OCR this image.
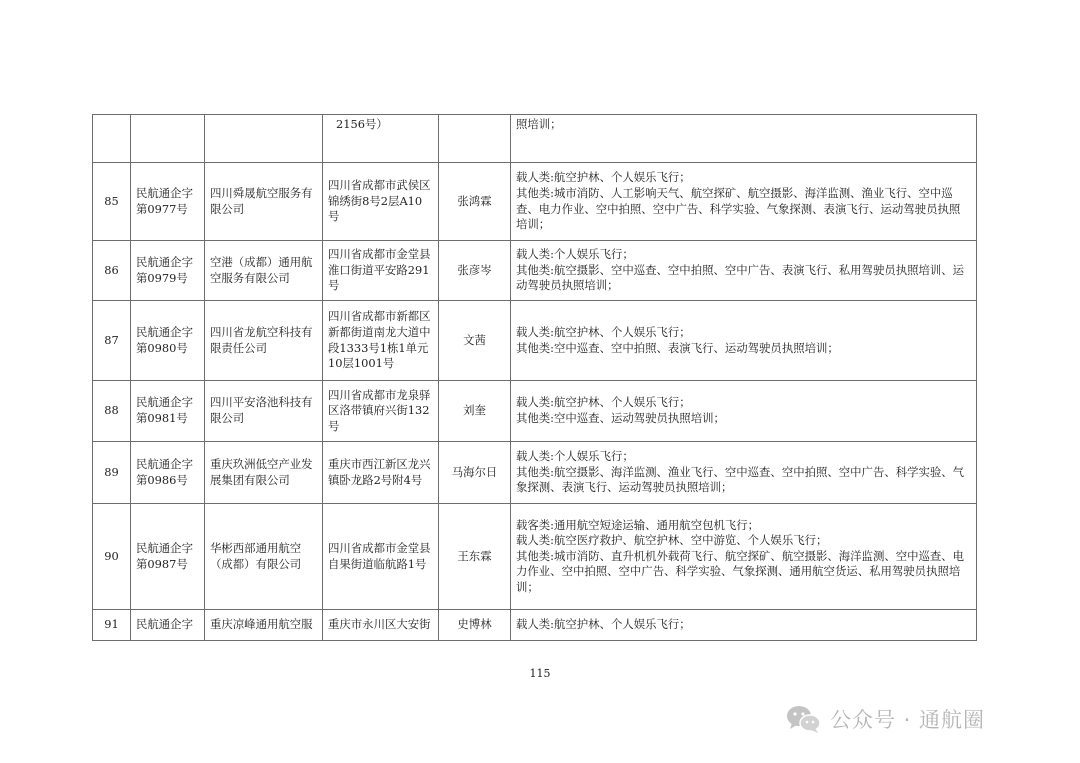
			2156号）		照培训；

85	民航通企字第0977号	四川舜晟航空服务有限公司	四川省成都市武侯区锦绣街8号2层A10号	张鸿霖	载人类:航空护林、个人娱乐飞行；
其他类:城市消防、人工影响天气、航空探矿、航空摄影、海洋监测、渔业飞行、空中巡查、电力作业、空中拍照、空中广告、科学实验、气象探测、表演飞行、运动驾驶员执照培训；

86	民航通企字第0979号	空港（成都）通用航空服务有限公司	四川省成都市金堂县淮口街道平安路291号	张彦岑	载人类:个人娱乐飞行；
其他类:航空摄影、空中巡查、空中拍照、空中广告、表演飞行、私用驾驶员执照培训、运动驾驶员执照培训；

87	民航通企字第0980号	四川省龙航空科技有限责任公司	四川省成都市新都区新都街道南龙大道中段1333号1栋1单元10层1001号	文茜	载人类:航空护林、个人娱乐飞行；
其他类:空中巡查、空中拍照、表演飞行、运动驾驶员执照培训；

88	民航通企字第0981号	四川平安洛池科技有限公司	四川省成都市龙泉驿区洛带镇府兴街132号	刘奎	载人类:航空护林、个人娱乐飞行；
其他类:空中巡查、运动驾驶员执照培训；

89	民航通企字第0986号	重庆玖洲低空产业发展集团有限公司	重庆市西江新区龙兴镇卧龙路2号附4号	马海尔日	载人类:个人娱乐飞行；
其他类:航空摄影、海洋监测、渔业飞行、空中巡查、空中拍照、空中广告、科学实验、气象探测、表演飞行、运动驾驶员执照培训；

90	民航通企字第0987号	华彬西部通用航空（成都）有限公司	四川省成都市金堂县自果街道临航路1号	王东霖	载客类:通用航空短途运输、通用航空包机飞行；
载人类:航空医疗救护、航空护林、空中游览、个人娱乐飞行；
其他类:城市消防、直升机机外载荷飞行、航空探矿、航空摄影、海洋监测、空中巡查、电力作业、空中拍照、空中广告、科学实验、气象探测、通用航空货运、私用驾驶员执照培训；

91	民航通企字	重庆凉峰通用航空服	重庆市永川区大安街	史博林	载人类:航空护林、个人娱乐飞行；
115
公众号 · 通航圈
